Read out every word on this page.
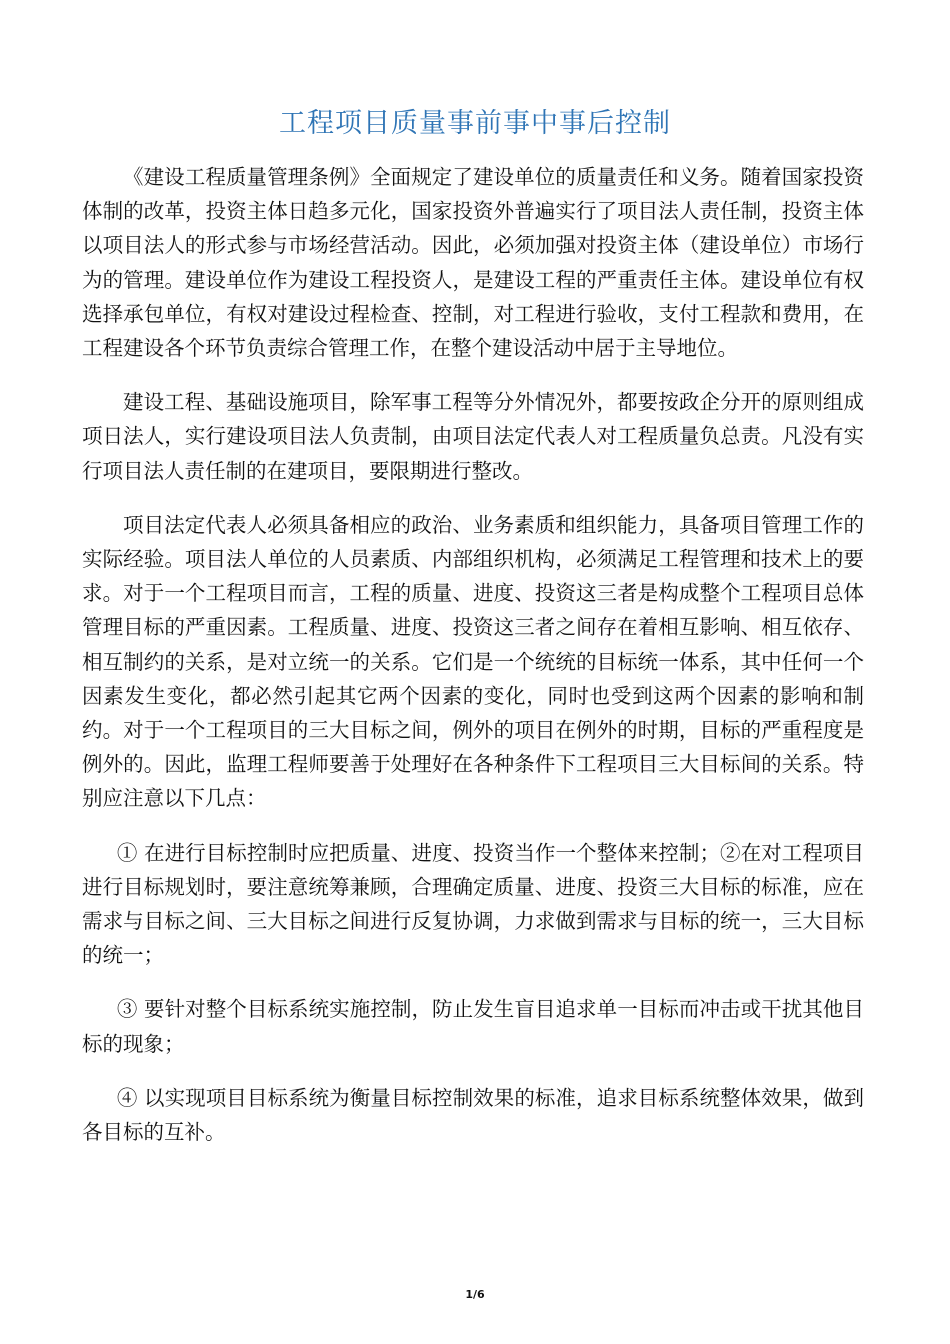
工程项目质量事前事中事后控制

《建设工程质量管理条例》全面规定了建设单位的质量责任和义务。随着国家投资体制的改革，投资主体日趋多元化，国家投资外普遍实行了项目法人责任制，投资主体以项目法人的形式参与市场经营活动。因此，必须加强对投资主体（建设单位）市场行为的管理。建设单位作为建设工程投资人，是建设工程的严重责任主体。建设单位有权选择承包单位，有权对建设过程检查、控制，对工程进行验收，支付工程款和费用，在工程建设各个环节负责综合管理工作，在整个建设活动中居于主导地位。

建设工程、基础设施项目，除军事工程等分外情况外，都要按政企分开的原则组成项日法人，实行建设项目法人负责制，由项目法定代表人对工程质量负总责。凡没有实行项目法人责任制的在建项目，要限期进行整改。

项目法定代表人必须具备相应的政治、业务素质和组织能力，具备项目管理工作的实际经验。项目法人单位的人员素质、内部组织机构，必须满足工程管理和技术上的要求。对于一个工程项目而言，工程的质量、进度、投资这三者是构成整个工程项目总体管理目标的严重因素。工程质量、进度、投资这三者之间存在着相互影响、相互依存、相互制约的关系，是对立统一的关系。它们是一个统统的目标统一体系，其中任何一个因素发生变化，都必然引起其它两个因素的变化，同时也受到这两个因素的影响和制约。对于一个工程项目的三大目标之间，例外的项目在例外的时期，目标的严重程度是例外的。因此，监理工程师要善于处理好在各种条件下工程项目三大目标间的关系。特别应注意以下几点：

① 在进行目标控制时应把质量、进度、投资当作一个整体来控制；②在对工程项目进行目标规划时，要注意统筹兼顾，合理确定质量、进度、投资三大目标的标准，应在需求与目标之间、三大目标之间进行反复协调，力求做到需求与目标的统一，三大目标的统一；

③ 要针对整个目标系统实施控制，防止发生盲目追求单一目标而冲击或干扰其他目标的现象；

④ 以实现项目目标系统为衡量目标控制效果的标准，追求目标系统整体效果，做到各目标的互补。

1/6
